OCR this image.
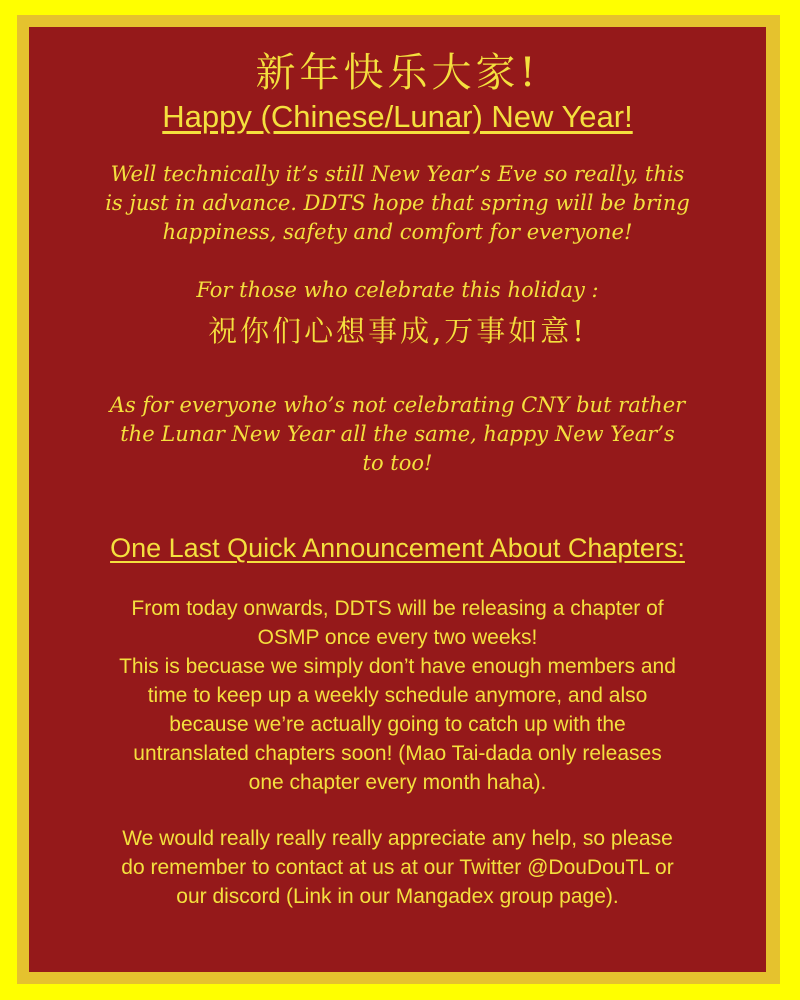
新年快乐大家!
Happy (Chinese/Lunar) New Year!
Well technically it’s still New Year’s Eve so really, this
is just in advance. DDTS hope that spring will be bring
happiness, safety and comfort for everyone!
For those who celebrate this holiday :
祝你们心想事成,万事如意!
As for everyone who’s not celebrating CNY but rather
the Lunar New Year all the same, happy New Year’s
to too!
One Last Quick Announcement About Chapters:
From today onwards, DDTS will be releasing a chapter of
OSMP once every two weeks!
This is becuase we simply don’t have enough members and
time to keep up a weekly schedule anymore, and also
because we’re actually going to catch up with the
untranslated chapters soon! (Mao Tai-dada only releases
one chapter every month haha).
We would really really really appreciate any help, so please
do remember to contact at us at our Twitter @DouDouTL or
our discord (Link in our Mangadex group page).
